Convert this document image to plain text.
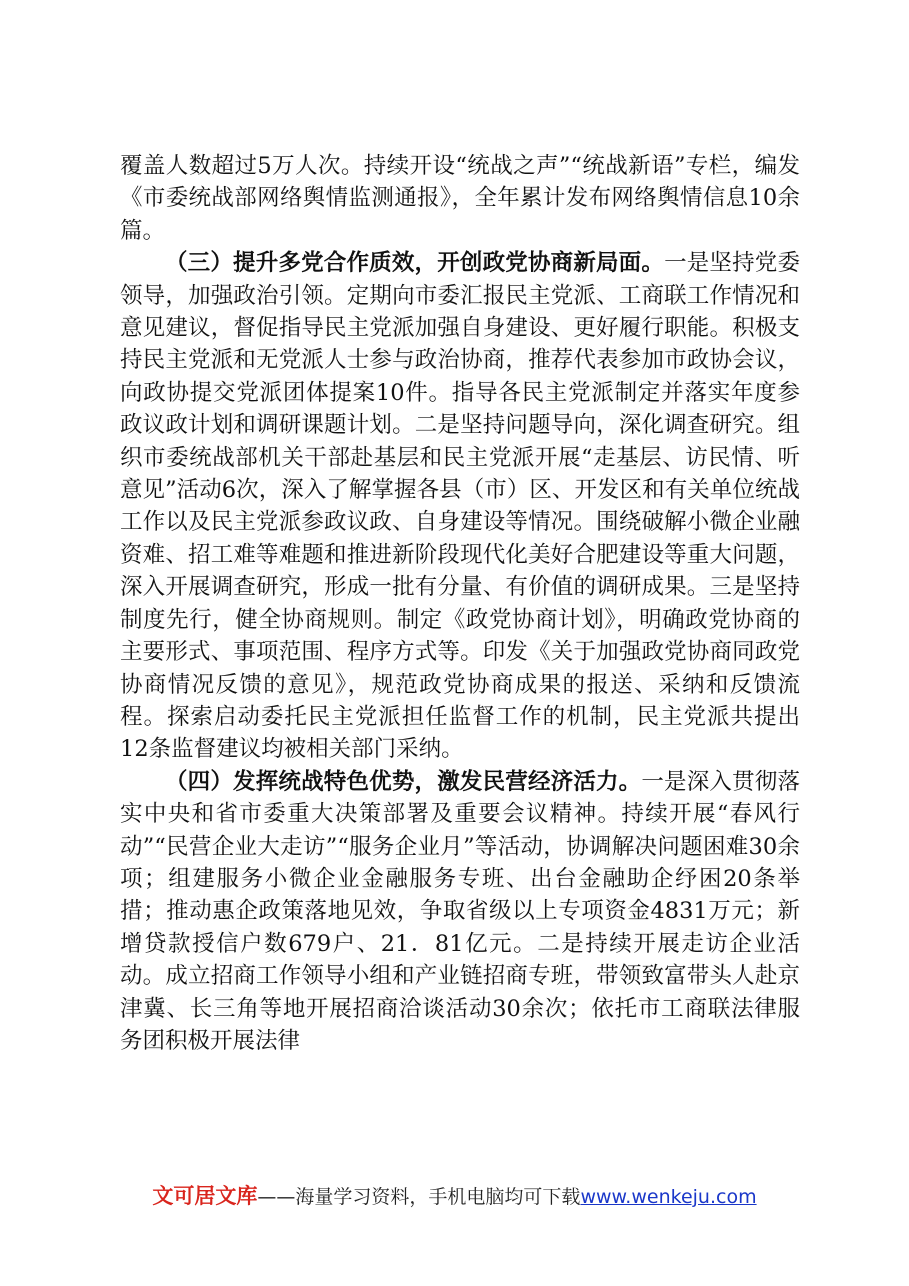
覆盖人数超过5万人次。持续开设“统战之声”“统战新语”专栏，编发《市委统战部网络舆情监测通报》，全年累计发布网络舆情信息10余篇。

（三）提升多党合作质效，开创政党协商新局面。一是坚持党委领导，加强政治引领。定期向市委汇报民主党派、工商联工作情况和意见建议，督促指导民主党派加强自身建设、更好履行职能。积极支持民主党派和无党派人士参与政治协商，推荐代表参加市政协会议，向政协提交党派团体提案10件。指导各民主党派制定并落实年度参政议政计划和调研课题计划。二是坚持问题导向，深化调查研究。组织市委统战部机关干部赴基层和民主党派开展“走基层、访民情、听意见”活动6次，深入了解掌握各县（市）区、开发区和有关单位统战工作以及民主党派参政议政、自身建设等情况。围绕破解小微企业融资难、招工难等难题和推进新阶段现代化美好合肥建设等重大问题，深入开展调查研究，形成一批有分量、有价值的调研成果。三是坚持制度先行，健全协商规则。制定《政党协商计划》，明确政党协商的主要形式、事项范围、程序方式等。印发《关于加强政党协商同政党协商情况反馈的意见》，规范政党协商成果的报送、采纳和反馈流程。探索启动委托民主党派担任监督工作的机制，民主党派共提出12条监督建议均被相关部门采纳。

（四）发挥统战特色优势，激发民营经济活力。一是深入贯彻落实中央和省市委重大决策部署及重要会议精神。持续开展“春风行动”“民营企业大走访”“服务企业月”等活动，协调解决问题困难30余项；组建服务小微企业金融服务专班、出台金融助企纾困20条举措；推动惠企政策落地见效，争取省级以上专项资金4831万元；新增贷款授信户数679户、21．81亿元。二是持续开展走访企业活动。成立招商工作领导小组和产业链招商专班，带领致富带头人赴京津冀、长三角等地开展招商洽谈活动30余次；依托市工商联法律服务团积极开展法律

文可居文库——海量学习资料，手机电脑均可下载www.wenkeju.com
